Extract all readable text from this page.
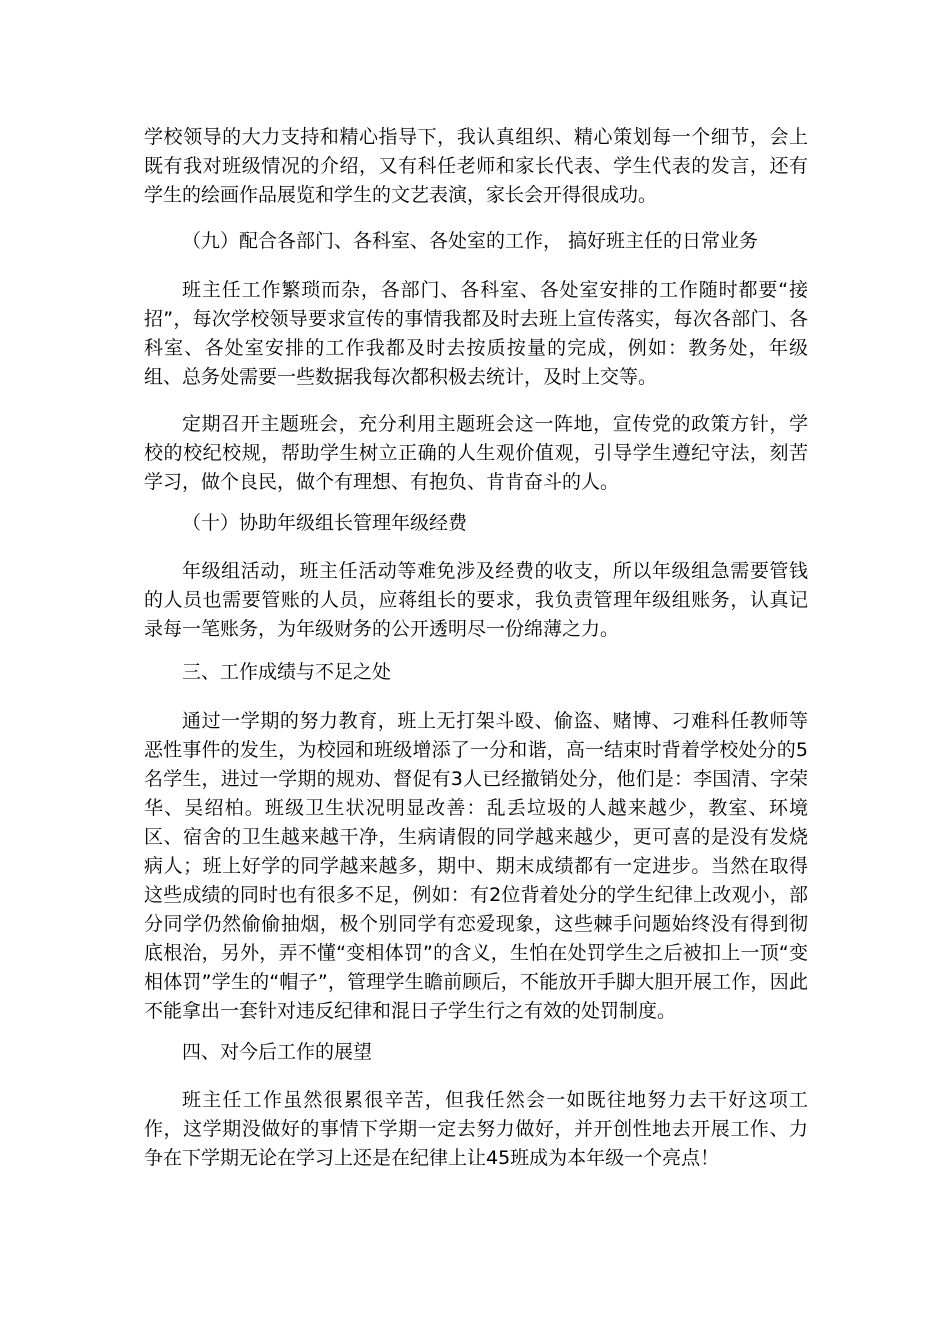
学校领导的大力支持和精心指导下，我认真组织、精心策划每一个细节，会上既有我对班级情况的介绍，又有科任老师和家长代表、学生代表的发言，还有学生的绘画作品展览和学生的文艺表演，家长会开得很成功。

（九）配合各部门、各科室、各处室的工作， 搞好班主任的日常业务

班主任工作繁琐而杂，各部门、各科室、各处室安排的工作随时都要“接招”，每次学校领导要求宣传的事情我都及时去班上宣传落实，每次各部门、各科室、各处室安排的工作我都及时去按质按量的完成，例如：教务处，年级组、总务处需要一些数据我每次都积极去统计，及时上交等。

定期召开主题班会，充分利用主题班会这一阵地，宣传党的政策方针，学校的校纪校规，帮助学生树立正确的人生观价值观，引导学生遵纪守法，刻苦学习，做个良民，做个有理想、有抱负、肯肯奋斗的人。

（十）协助年级组长管理年级经费

年级组活动，班主任活动等难免涉及经费的收支，所以年级组急需要管钱的人员也需要管账的人员，应蒋组长的要求，我负责管理年级组账务，认真记录每一笔账务，为年级财务的公开透明尽一份绵薄之力。

三、工作成绩与不足之处

通过一学期的努力教育，班上无打架斗殴、偷盗、赌博、刁难科任教师等恶性事件的发生，为校园和班级增添了一分和谐，高一结束时背着学校处分的5名学生，进过一学期的规劝、督促有3人已经撤销处分，他们是：李国清、字荣华、吴绍柏。班级卫生状况明显改善：乱丢垃圾的人越来越少，教室、环境区、宿舍的卫生越来越干净，生病请假的同学越来越少，更可喜的是没有发烧病人；班上好学的同学越来越多，期中、期末成绩都有一定进步。当然在取得这些成绩的同时也有很多不足，例如：有2位背着处分的学生纪律上改观小，部分同学仍然偷偷抽烟，极个别同学有恋爱现象，这些棘手问题始终没有得到彻底根治，另外，弄不懂“变相体罚”的含义，生怕在处罚学生之后被扣上一顶“变相体罚”学生的“帽子”，管理学生瞻前顾后，不能放开手脚大胆开展工作，因此不能拿出一套针对违反纪律和混日子学生行之有效的处罚制度。

四、对今后工作的展望

班主任工作虽然很累很辛苦，但我任然会一如既往地努力去干好这项工作，这学期没做好的事情下学期一定去努力做好，并开创性地去开展工作、力争在下学期无论在学习上还是在纪律上让45班成为本年级一个亮点！
